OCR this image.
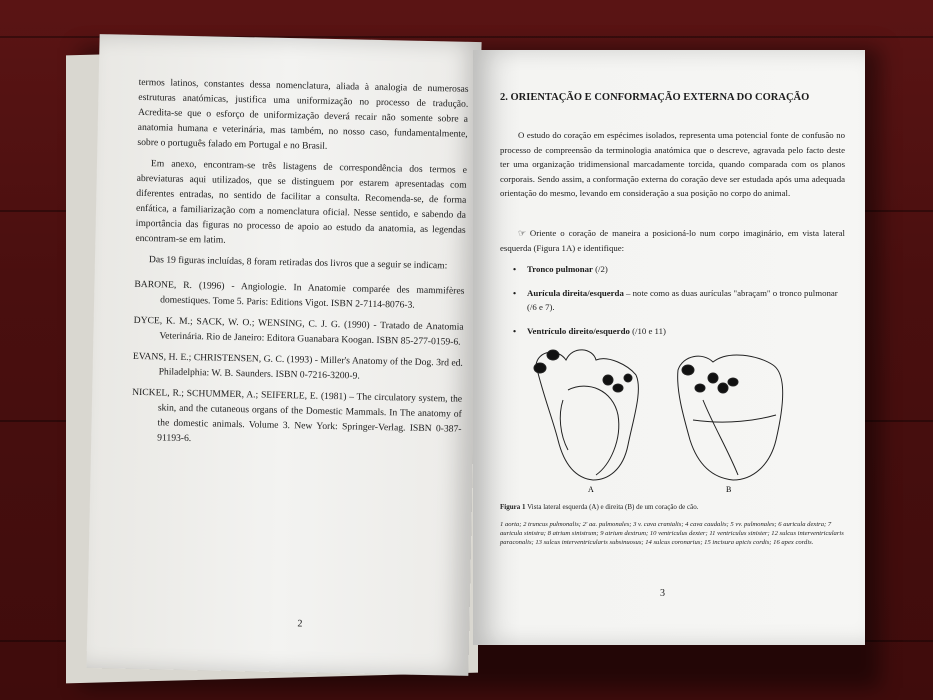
termos latinos, constantes dessa nomenclatura, aliada à analogia de numerosas estruturas anatómicas, justifica uma uniformização no processo de tradução. Acredita-se que o esforço de uniformização deverá recair não somente sobre a anatomia humana e veterinária, mas também, no nosso caso, fundamentalmente, sobre o português falado em Portugal e no Brasil.

Em anexo, encontram-se três listagens de correspondência dos termos e abreviaturas aqui utilizados, que se distinguem por estarem apresentadas com diferentes entradas, no sentido de facilitar a consulta. Recomenda-se, de forma enfática, a familiarização com a nomenclatura oficial. Nesse sentido, e sabendo da importância das figuras no processo de apoio ao estudo da anatomia, as legendas encontram-se em latim.

Das 19 figuras incluídas, 8 foram retiradas dos livros que a seguir se indicam:

BARONE, R. (1996) - Angiologie. In Anatomie comparée des mammifères domestiques. Tome 5. Paris: Editions Vigot. ISBN 2-7114-8076-3.

DYCE, K. M.; SACK, W. O.; WENSING, C. J. G. (1990) - Tratado de Anatomia Veterinária. Rio de Janeiro: Editora Guanabara Koogan. ISBN 85-277-0159-6.

EVANS, H. E.; CHRISTENSEN, G. C. (1993) - Miller's Anatomy of the Dog. 3rd ed. Philadelphia: W. B. Saunders. ISBN 0-7216-3200-9.

NICKEL, R.; SCHUMMER, A.; SEIFERLE, E. (1981) – The circulatory system, the skin, and the cutaneous organs of the Domestic Mammals. In The anatomy of the domestic animals. Volume 3. New York: Springer-Verlag. ISBN 0-387-91193-6.

2
2. ORIENTAÇÃO E CONFORMAÇÃO EXTERNA DO CORAÇÃO
O estudo do coração em espécimes isolados, representa uma potencial fonte de confusão no processo de compreensão da terminologia anatómica que o descreve, agravada pelo facto deste ter uma organização tridimensional marcadamente torcida, quando comparada com os planos corporais. Sendo assim, a conformação externa do coração deve ser estudada após uma adequada orientação do mesmo, levando em consideração a sua posição no corpo do animal.
☞ Oriente o coração de maneira a posicioná-lo num corpo imaginário, em vista lateral esquerda (Figura 1A) e identifique:
• Tronco pulmonar (/2)
• Aurícula direita/esquerda – note como as duas aurículas "abraçam" o tronco pulmonar (/6 e 7).
• Ventrículo direito/esquerdo (/10 e 11)
A	B
Figura 1 Vista lateral esquerda (A) e direita (B) de um coração de cão.
1 aorta; 2 truncus pulmonalis; 2' aa. pulmonales; 3 v. cava cranialis; 4 cava caudalis; 5 vv. pulmonales; 6 auricula dextra; 7 auricula sinistra; 8 atrium sinistrum; 9 atrium dextrum; 10 ventriculus dexter; 11 ventriculus sinister; 12 sulcus interventricularis paraconalis; 13 sulcus interventricularis subsinuosus; 14 sulcus coronarius; 15 incisura apicis cordis; 16 apex cordis.
3
